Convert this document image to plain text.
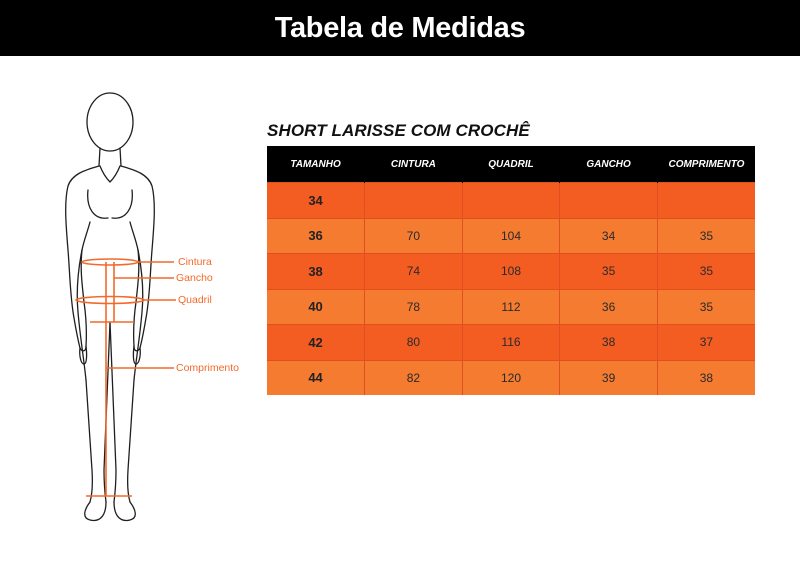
Tabela de Medidas
Cintura
Gancho
Quadril
Comprimento
SHORT LARISSE COM CROCHÊ
TAMANHO	CINTURA	QUADRIL	GANCHO	COMPRIMENTO
34				
36	70	104	34	35
38	74	108	35	35
40	78	112	36	35
42	80	116	38	37
44	82	120	39	38
